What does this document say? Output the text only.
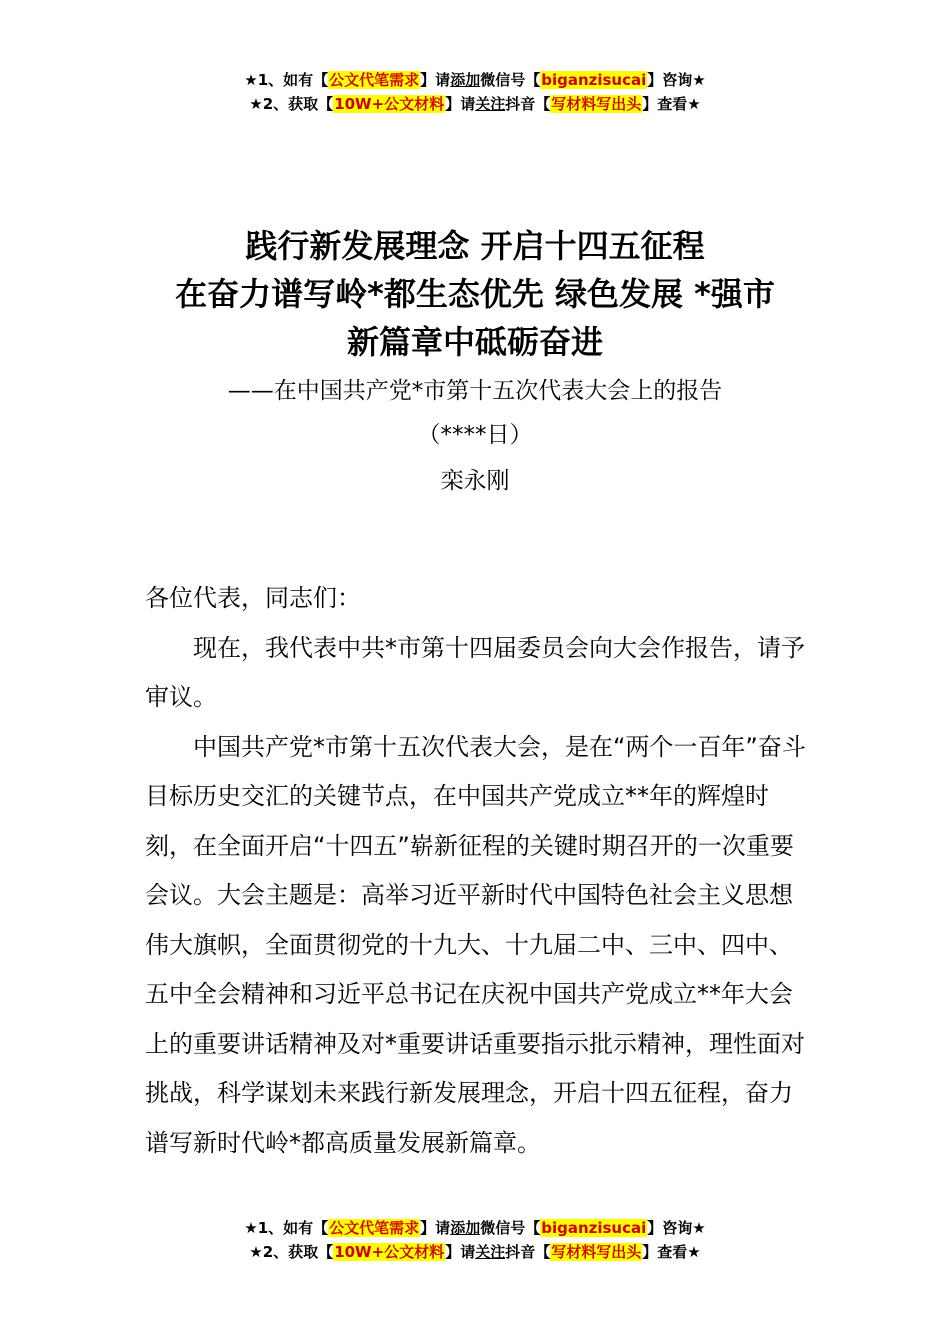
★1、如有【公文代笔需求】请添加微信号【biganzisucai】咨询★
★2、获取【10W+公文材料】请关注抖音【写材料写出头】查看★
践行新发展理念 开启十四五征程
在奋力谱写岭*都生态优先 绿色发展 *强市
新篇章中砥砺奋进
——在中国共产党*市第十五次代表大会上的报告
（****日）
栾永刚

各位代表，同志们：

现在，我代表中共*市第十四届委员会向大会作报告，请予审议。

中国共产党*市第十五次代表大会，是在“两个一百年”奋斗目标历史交汇的关键节点，在中国共产党成立**年的辉煌时刻，在全面开启“十四五”崭新征程的关键时期召开的一次重要会议。大会主题是：高举习近平新时代中国特色社会主义思想伟大旗帜，全面贯彻党的十九大、十九届二中、三中、四中、五中全会精神和习近平总书记在庆祝中国共产党成立**年大会上的重要讲话精神及对*重要讲话重要指示批示精神，理性面对挑战，科学谋划未来践行新发展理念，开启十四五征程，奋力谱写新时代岭*都高质量发展新篇章。

★1、如有【公文代笔需求】请添加微信号【biganzisucai】咨询★
★2、获取【10W+公文材料】请关注抖音【写材料写出头】查看★
